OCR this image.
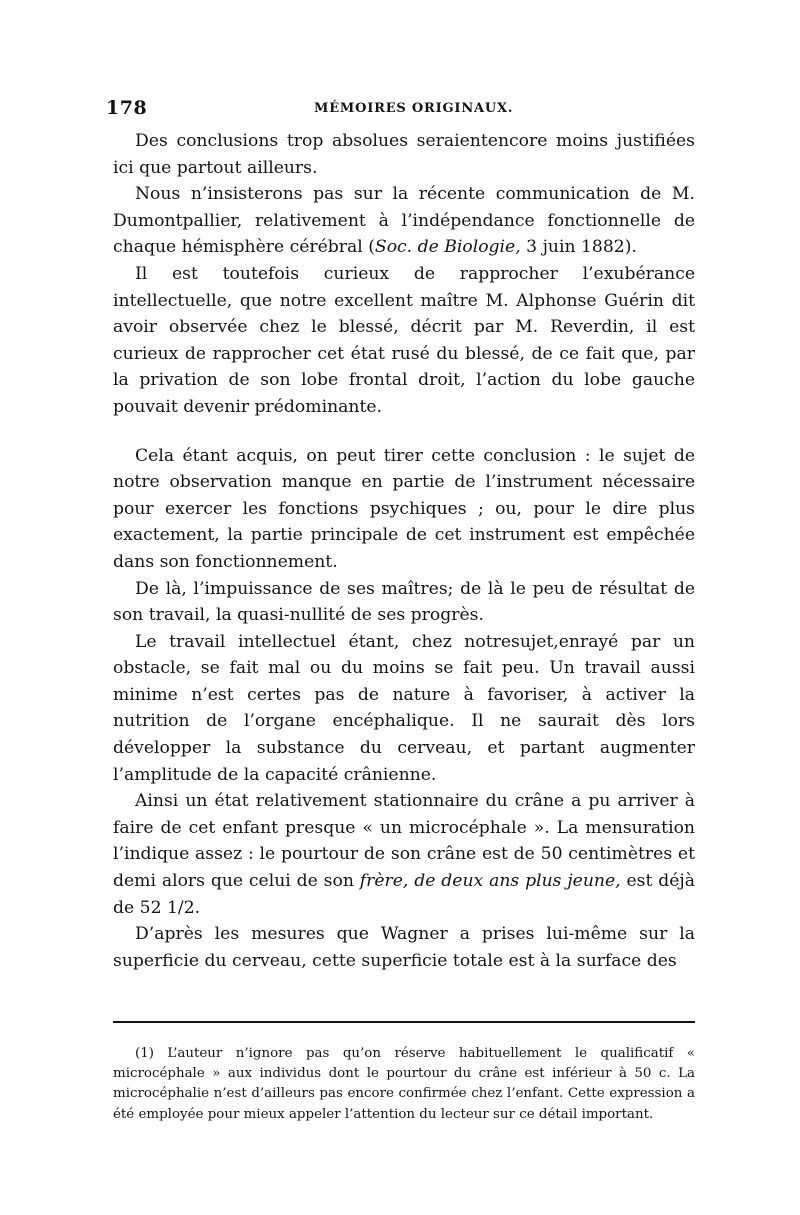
178	MÉMOIRES ORIGINAUX.

Des conclusions trop absolues seraientencore moins justifiées ici que partout ailleurs.

Nous n’insisterons pas sur la récente communication de M. Dumontpallier, relativement à l’indépendance fonctionnelle de chaque hémisphère cérébral (Soc. de Biologie, 3 juin 1882).

Il est toutefois curieux de rapprocher l’exubérance intellectuelle, que notre excellent maître M. Alphonse Guérin dit avoir observée chez le blessé, décrit par M. Reverdin, il est curieux de rapprocher cet état rusé du blessé, de ce fait que, par la privation de son lobe frontal droit, l’action du lobe gauche pouvait devenir prédominante.

Cela étant acquis, on peut tirer cette conclusion : le sujet de notre observation manque en partie de l’instrument nécessaire pour exercer les fonctions psychiques ; ou, pour le dire plus exactement, la partie principale de cet instrument est empêchée dans son fonctionnement.

De là, l’impuissance de ses maîtres; de là le peu de résultat de son travail, la quasi-nullité de ses progrès.

Le travail intellectuel étant, chez notresujet,enrayé par un obstacle, se fait mal ou du moins se fait peu. Un travail aussi minime n’est certes pas de nature à favoriser, à activer la nutrition de l’organe encéphalique. Il ne saurait dès lors développer la substance du cerveau, et partant augmenter l’amplitude de la capacité crânienne.

Ainsi un état relativement stationnaire du crâne a pu arriver à faire de cet enfant presque « un microcéphale ». La mensuration l’indique assez : le pourtour de son crâne est de 50 centimètres et demi alors que celui de son frère, de deux ans plus jeune, est déjà de 52 1/2.

D’après les mesures que Wagner a prises lui-même sur la superficie du cerveau, cette superficie totale est à la surface des

(1) L’auteur n’ignore pas qu’on réserve habituellement le qualificatif « microcéphale » aux individus dont le pourtour du crâne est inférieur à 50 c. La microcéphalie n’est d’ailleurs pas encore confirmée chez l’enfant. Cette expression a été employée pour mieux appeler l’attention du lecteur sur ce détail important.
